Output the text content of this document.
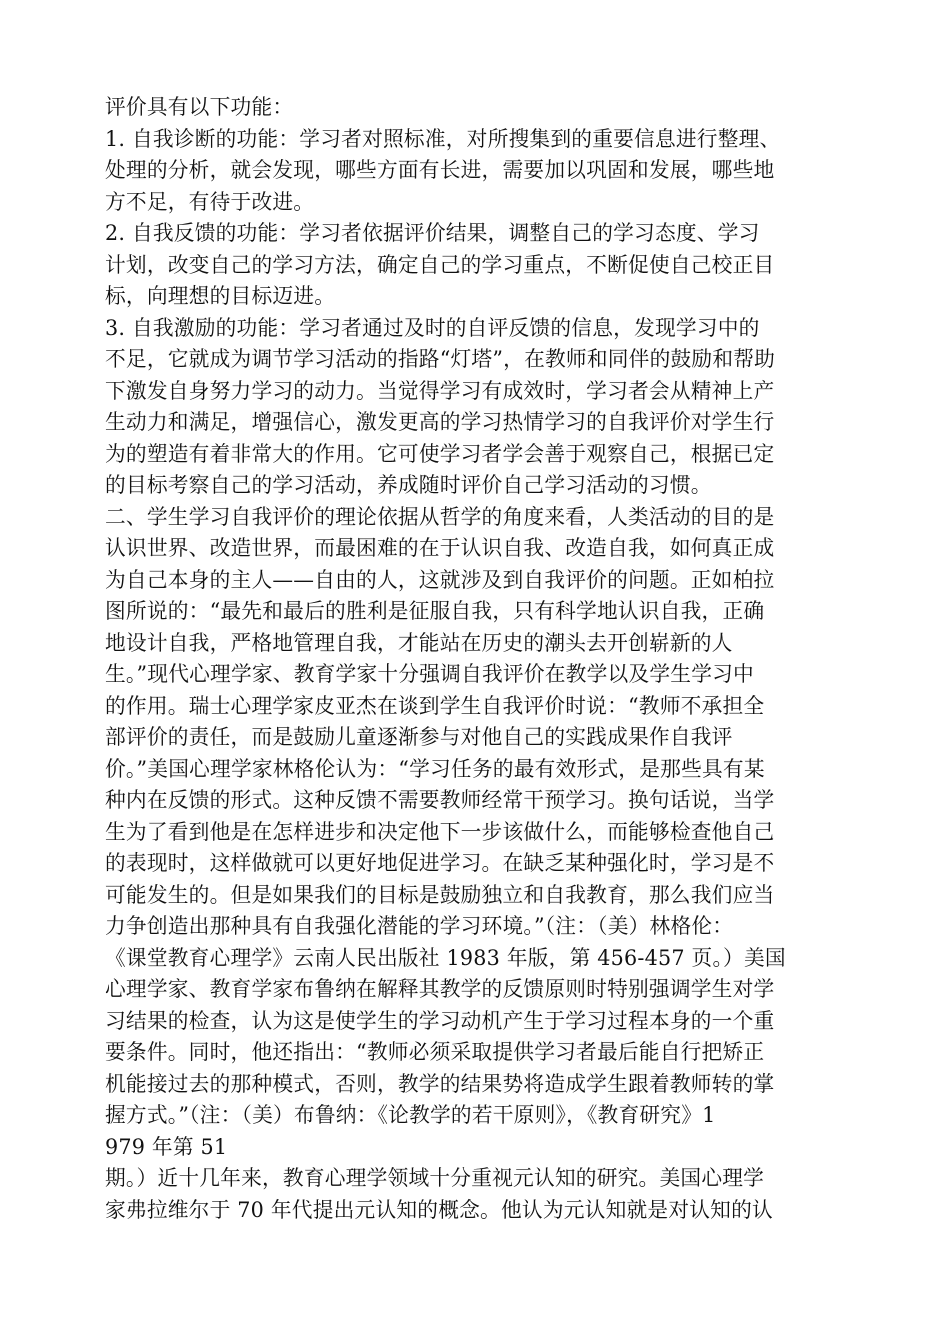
评价具有以下功能：
1. 自我诊断的功能：学习者对照标准，对所搜集到的重要信息进行整理、
处理的分析，就会发现，哪些方面有长进，需要加以巩固和发展，哪些地
方不足，有待于改进。
2. 自我反馈的功能：学习者依据评价结果，调整自己的学习态度、学习
计划，改变自己的学习方法，确定自己的学习重点，不断促使自己校正目
标，向理想的目标迈进。
3. 自我激励的功能：学习者通过及时的自评反馈的信息，发现学习中的
不足，它就成为调节学习活动的指路“灯塔”，在教师和同伴的鼓励和帮助
下激发自身努力学习的动力。当觉得学习有成效时，学习者会从精神上产
生动力和满足，增强信心，激发更高的学习热情学习的自我评价对学生行
为的塑造有着非常大的作用。它可使学习者学会善于观察自己，根据已定
的目标考察自己的学习活动，养成随时评价自己学习活动的习惯。
二、学生学习自我评价的理论依据从哲学的角度来看，人类活动的目的是
认识世界、改造世界，而最困难的在于认识自我、改造自我，如何真正成
为自己本身的主人——自由的人，这就涉及到自我评价的问题。正如柏拉
图所说的：“最先和最后的胜利是征服自我，只有科学地认识自我，正确
地设计自我，严格地管理自我，才能站在历史的潮头去开创崭新的人
生。”现代心理学家、教育学家十分强调自我评价在教学以及学生学习中
的作用。瑞士心理学家皮亚杰在谈到学生自我评价时说：“教师不承担全
部评价的责任，而是鼓励儿童逐渐参与对他自己的实践成果作自我评
价。”美国心理学家林格伦认为：“学习任务的最有效形式，是那些具有某
种内在反馈的形式。这种反馈不需要教师经常干预学习。换句话说，当学
生为了看到他是在怎样进步和决定他下一步该做什么，而能够检查他自己
的表现时，这样做就可以更好地促进学习。在缺乏某种强化时，学习是不
可能发生的。但是如果我们的目标是鼓励独立和自我教育，那么我们应当
力争创造出那种具有自我强化潜能的学习环境。”（注：（美）林格伦：
《课堂教育心理学》云南人民出版社 1983 年版，第 456-457 页。）美国
心理学家、教育学家布鲁纳在解释其教学的反馈原则时特别强调学生对学
习结果的检查，认为这是使学生的学习动机产生于学习过程本身的一个重
要条件。同时，他还指出：“教师必须采取提供学习者最后能自行把矫正
机能接过去的那种模式，否则，教学的结果势将造成学生跟着教师转的掌
握方式。”（注：（美）布鲁纳：《论教学的若干原则》，《教育研究》1
979 年第 51
期。）近十几年来，教育心理学领域十分重视元认知的研究。美国心理学
家弗拉维尔于 70 年代提出元认知的概念。他认为元认知就是对认知的认
